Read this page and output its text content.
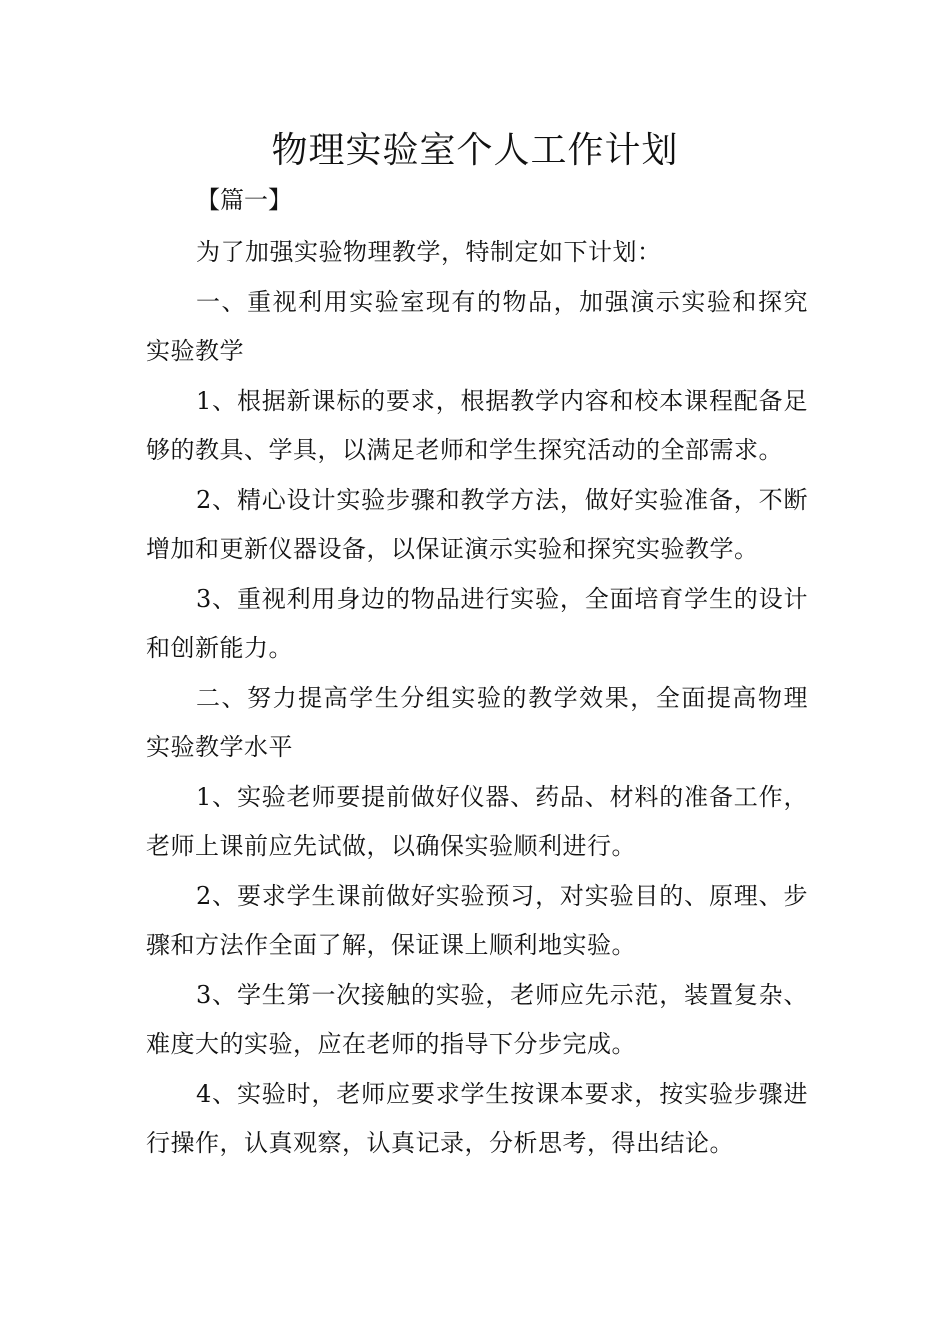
物理实验室个人工作计划
【篇一】

为了加强实验物理教学，特制定如下计划：

一、重视利用实验室现有的物品，加强演示实验和探究实验教学

1、根据新课标的要求，根据教学内容和校本课程配备足够的教具、学具，以满足老师和学生探究活动的全部需求。

2、精心设计实验步骤和教学方法，做好实验准备，不断增加和更新仪器设备，以保证演示实验和探究实验教学。

3、重视利用身边的物品进行实验，全面培育学生的设计和创新能力。

二、努力提高学生分组实验的教学效果，全面提高物理实验教学水平

1、实验老师要提前做好仪器、药品、材料的准备工作，老师上课前应先试做，以确保实验顺利进行。

2、要求学生课前做好实验预习，对实验目的、原理、步骤和方法作全面了解，保证课上顺利地实验。

3、学生第一次接触的实验，老师应先示范，装置复杂、难度大的实验，应在老师的指导下分步完成。

4、实验时，老师应要求学生按课本要求，按实验步骤进行操作，认真观察，认真记录，分析思考，得出结论。
